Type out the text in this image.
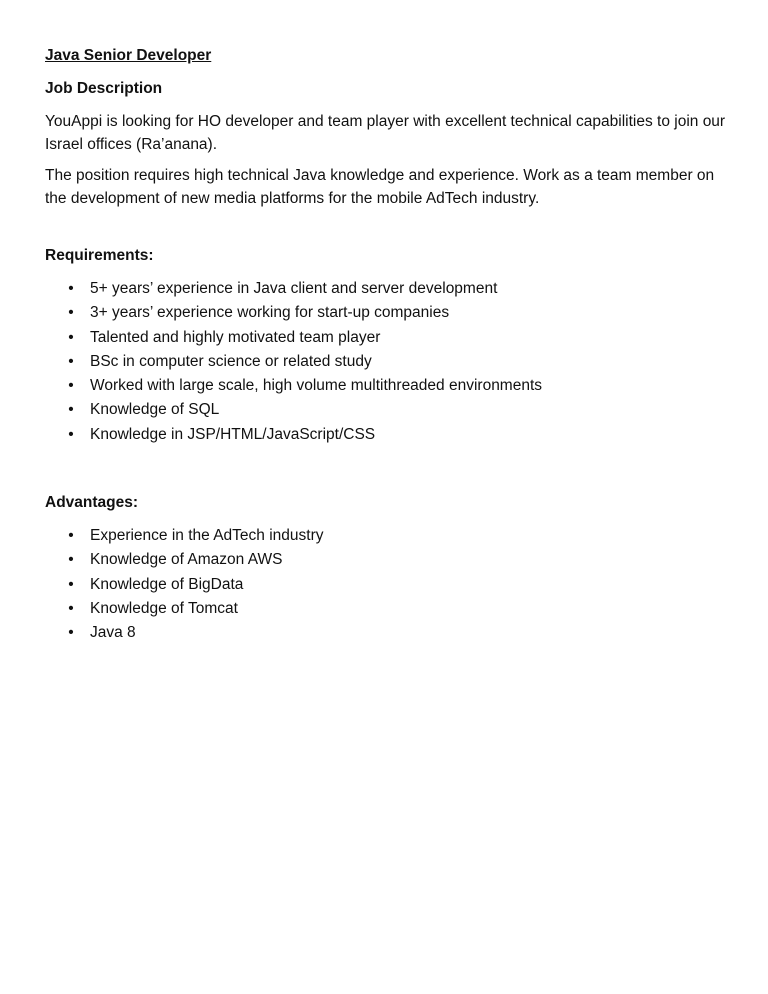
Java Senior Developer
Job Description

YouAppi is looking for HO developer and team player with excellent technical capabilities to join our Israel offices (Ra’anana).

The position requires high technical Java knowledge and experience. Work as a team member on the development of new media platforms for the mobile AdTech industry.

Requirements:
• 5+ years’ experience in Java client and server development
• 3+ years’ experience working for start-up companies
• Talented and highly motivated team player
• BSc in computer science or related study
• Worked with large scale, high volume multithreaded environments
• Knowledge of SQL
• Knowledge in JSP/HTML/JavaScript/CSS
Advantages:
• Experience in the AdTech industry
• Knowledge of Amazon AWS
• Knowledge of BigData
• Knowledge of Tomcat
• Java 8
